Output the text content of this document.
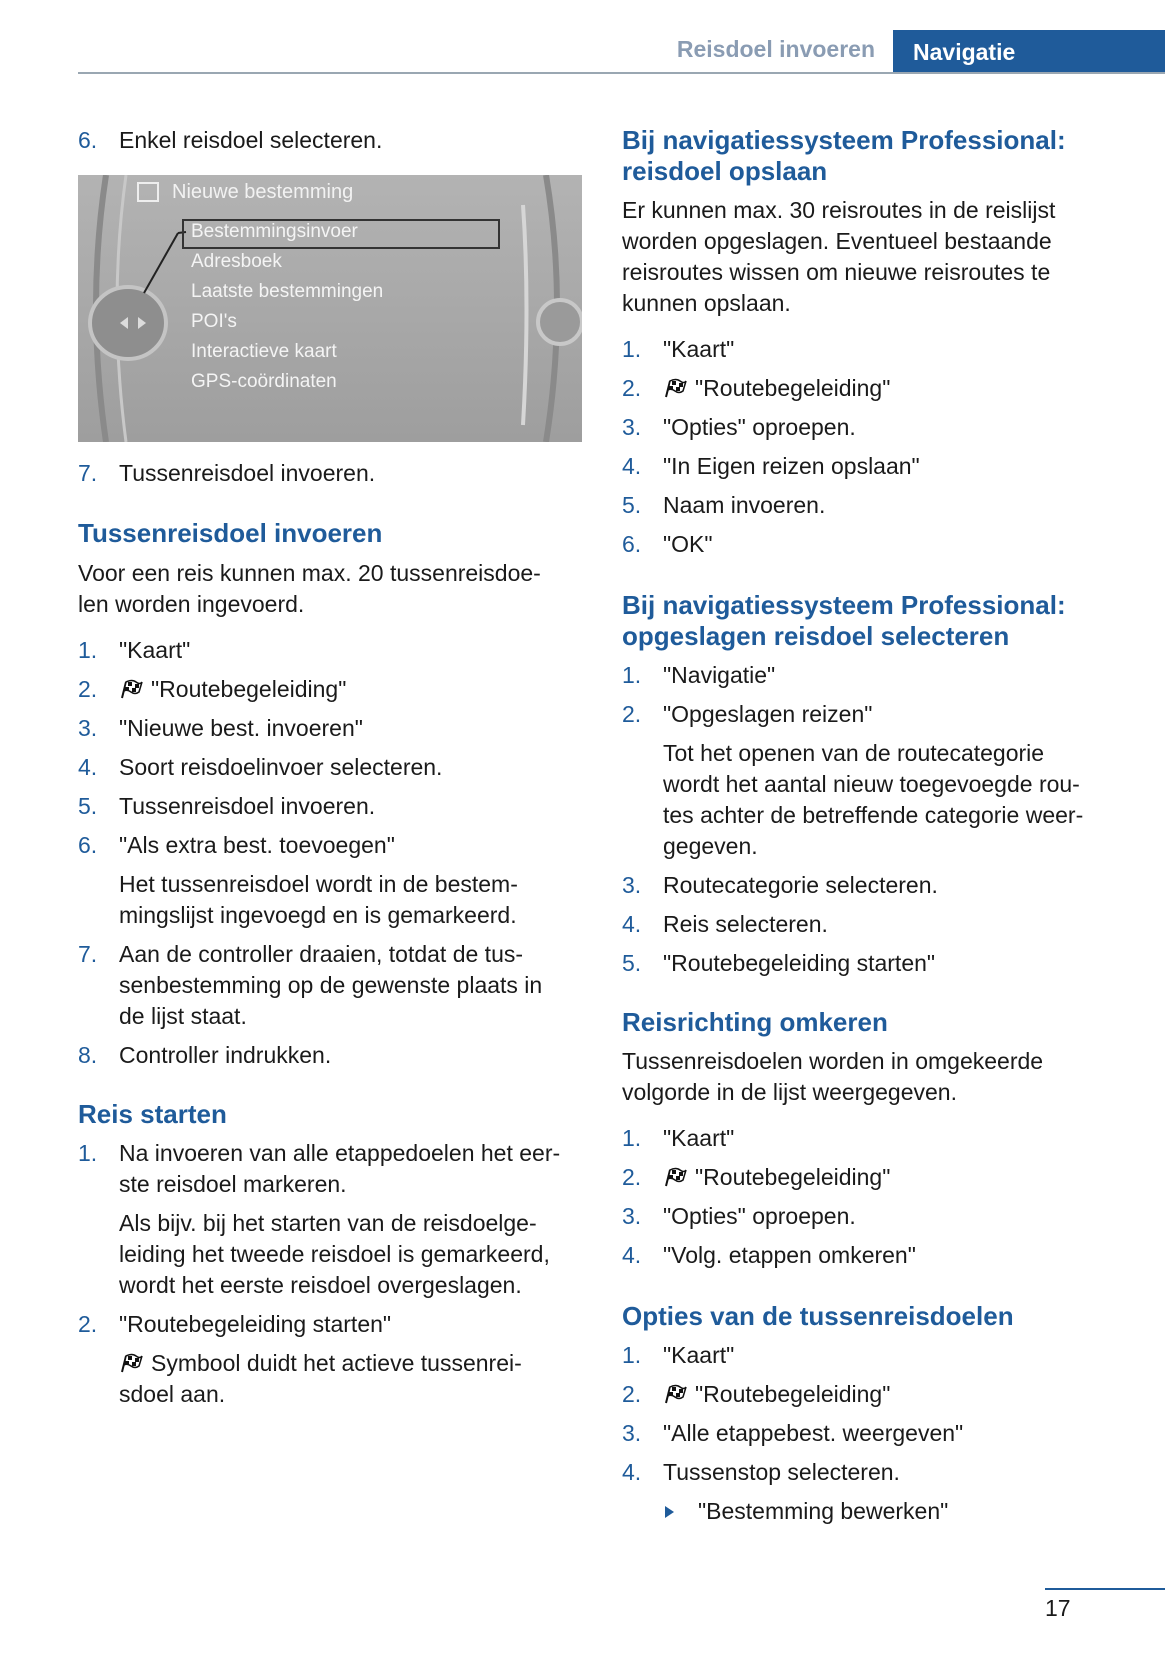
Reisdoel invoeren Navigatie
6. Enkel reisdoel selecteren.
Nieuwe bestemming
Bestemmingsinvoer
Adresboek
Laatste bestemmingen
POI's
Interactieve kaart
GPS-coördinaten
7. Tussenreisdoel invoeren.
Tussenreisdoel invoeren
Voor een reis kunnen max. 20 tussenreisdoe-
len worden ingevoerd.
1. "Kaart"
2.	"Routebegeleiding"
3. "Nieuwe best. invoeren"
4. Soort reisdoelinvoer selecteren.
5. Tussenreisdoel invoeren.
6. "Als extra best. toevoegen"
Het tussenreisdoel wordt in de bestem-
mingslijst ingevoegd en is gemarkeerd.
7. Aan de controller draaien, totdat de tus-
senbestemming op de gewenste plaats in
de lijst staat.
8. Controller indrukken.
Reis starten
1. Na invoeren van alle etappedoelen het eer-
ste reisdoel markeren.
Als bijv. bij het starten van de reisdoelge-
leiding het tweede reisdoel is gemarkeerd,
wordt het eerste reisdoel overgeslagen.
2. "Routebegeleiding starten"
Symbool duidt het actieve tussenrei-
sdoel aan.
Bij navigatiessysteem Professional:
reisdoel opslaan
Er kunnen max. 30 reisroutes in de reislijst
worden opgeslagen. Eventueel bestaande
reisroutes wissen om nieuwe reisroutes te
kunnen opslaan.
1. "Kaart"
2.	"Routebegeleiding"
3. "Opties" oproepen.
4. "In Eigen reizen opslaan"
5. Naam invoeren.
6. "OK"
Bij navigatiessysteem Professional:
opgeslagen reisdoel selecteren
1. "Navigatie"
2. "Opgeslagen reizen"
Tot het openen van de routecategorie
wordt het aantal nieuw toegevoegde rou-
tes achter de betreffende categorie weer-
gegeven.
3. Routecategorie selecteren.
4. Reis selecteren.
5. "Routebegeleiding starten"
Reisrichting omkeren
Tussenreisdoelen worden in omgekeerde
volgorde in de lijst weergegeven.
1. "Kaart"
2.	"Routebegeleiding"
3. "Opties" oproepen.
4. "Volg. etappen omkeren"
Opties van de tussenreisdoelen
1. "Kaart"
2.	"Routebegeleiding"
3. "Alle etappebest. weergeven"
4. Tussenstop selecteren.
"Bestemming bewerken"
17
